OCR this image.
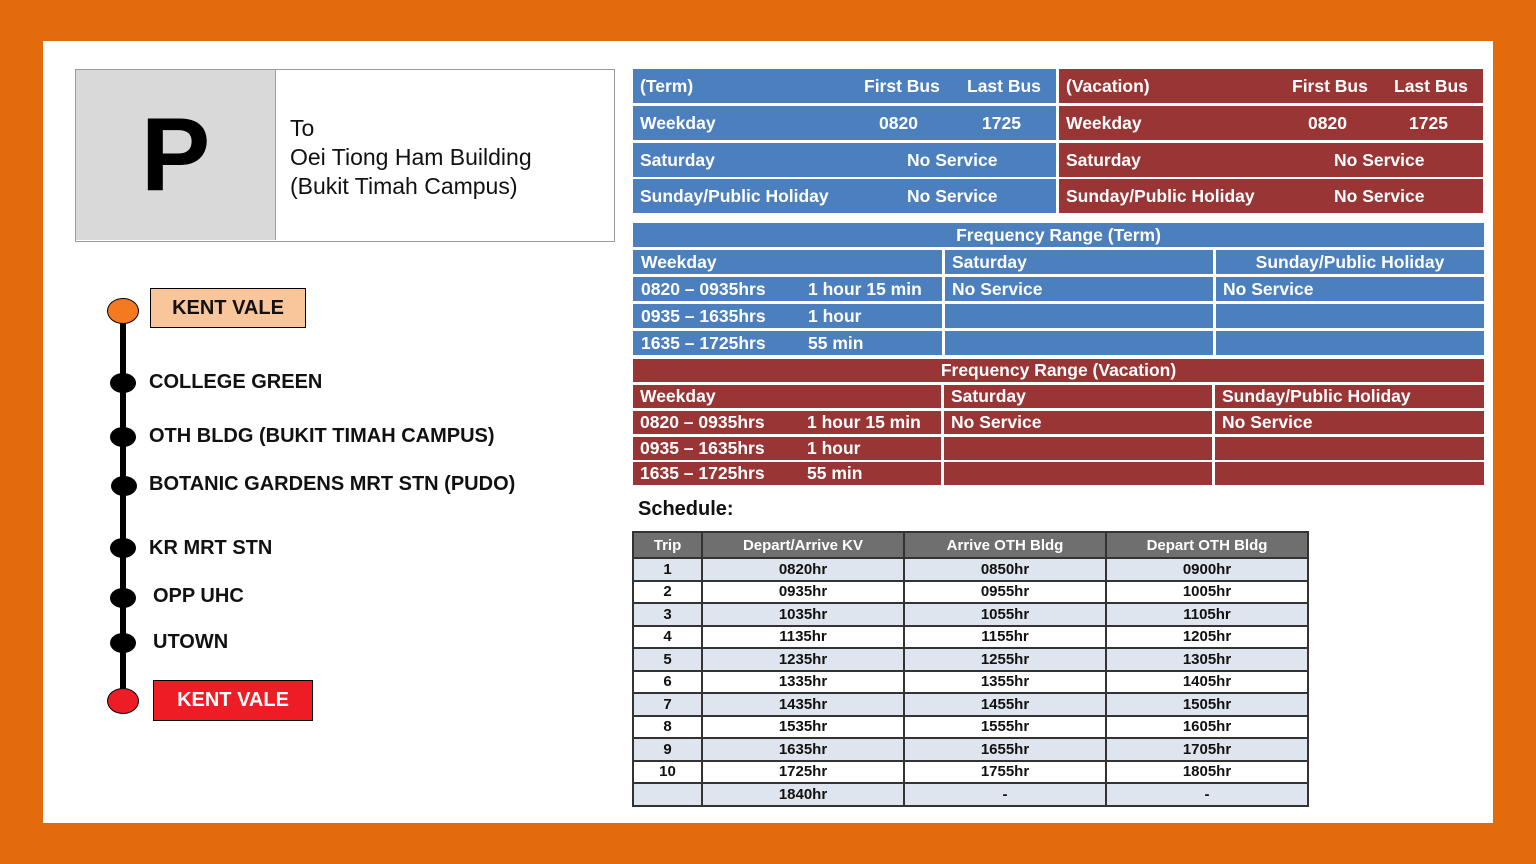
P	To
Oei Tiong Ham Building
(Bukit Timah Campus)
KENT VALE
COLLEGE GREEN
OTH BLDG (BUKIT TIMAH CAMPUS)
BOTANIC GARDENS MRT STN (PUDO)
KR MRT STN
OPP UHC
UTOWN
KENT VALE
(Term)	First Bus Last Bus
Weekday	0820	1725
Saturday	No Service
Sunday/Public Holiday	No Service
(Vacation)	First Bus Last Bus
Weekday	0820	1725
Saturday	No Service
Sunday/Public Holiday	No Service
Frequency Range (Term)
Weekday	Saturday	Sunday/Public Holiday
0820 – 0935hrs 1 hour 15 min	No Service	No Service
0935 – 1635hrs 1 hour
1635 – 1725hrs 55 min
Frequency Range (Vacation)
Weekday	Saturday	Sunday/Public Holiday
0820 – 0935hrs 1 hour 15 min	No Service	No Service
0935 – 1635hrs 1 hour
1635 – 1725hrs 55 min
Schedule:
Trip	Depart/Arrive KV	Arrive OTH Bldg	Depart OTH Bldg
1	0820hr	0850hr	0900hr
2	0935hr	0955hr	1005hr
3	1035hr	1055hr	1105hr
4	1135hr	1155hr	1205hr
5	1235hr	1255hr	1305hr
6	1335hr	1355hr	1405hr
7	1435hr	1455hr	1505hr
8	1535hr	1555hr	1605hr
9	1635hr	1655hr	1705hr
10	1725hr	1755hr	1805hr
	1840hr	-	-
